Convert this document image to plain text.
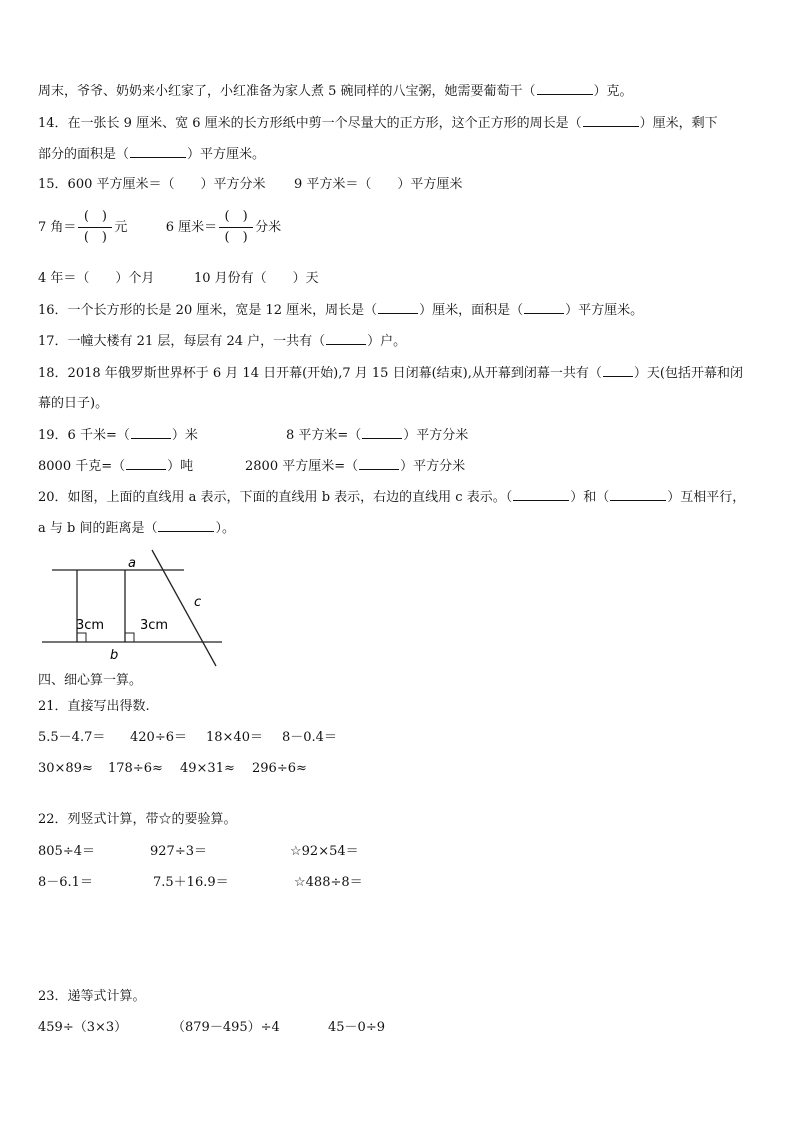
周末，爷爷、奶奶来小红家了，小红准备为家人煮 5 碗同样的八宝粥，她需要葡萄干（	）克。
14．在一张长 9 厘米、宽 6 厘米的长方形纸中剪一个尽量大的正方形，这个正方形的周长是（	）厘米，剩下
部分的面积是（	）平方厘米。
15．600 平方厘米＝（　　）平方分米 9 平方米＝（　　）平方厘米
7 角＝ $\frac{( )}{( )}$ 元	6 厘米＝ $\frac{( )}{( )}$ 分米
4 年＝（　　）个月	10 月份有（　　）天
16．一个长方形的长是 20 厘米，宽是 12 厘米，周长是（	）厘米，面积是（	）平方厘米。
17．一幢大楼有 21 层，每层有 24 户，一共有（	）户。
18．2018 年俄罗斯世界杯于 6 月 14 日开幕(开始),7 月 15 日闭幕(结束),从开幕到闭幕一共有（ ）天(包括开幕和闭
幕的日子)。
19．6 千米=（	）米	8 平方米=（	）平方分米
8000 千克=（	）吨	2800 平方厘米=（	）平方分米
20．如图，上面的直线用 a 表示，下面的直线用 b 表示，右边的直线用 c 表示。（	）和（	）互相平行，
a 与 b 间的距离是（	）。
a
b
c
3cm	3cm
四、细心算一算。
21．直接写出得数.
5.5－4.7＝ 420÷6＝ 18×40＝ 8－0.4＝
30×89≈ 178÷6≈ 49×31≈ 296÷6≈
22．列竖式计算，带☆的要验算。
805÷4＝	927÷3＝	☆92×54＝
8－6.1＝	7.5＋16.9＝	☆488÷8＝
23．递等式计算。
459÷（3×3）	（879－495）÷4	45－0÷9
